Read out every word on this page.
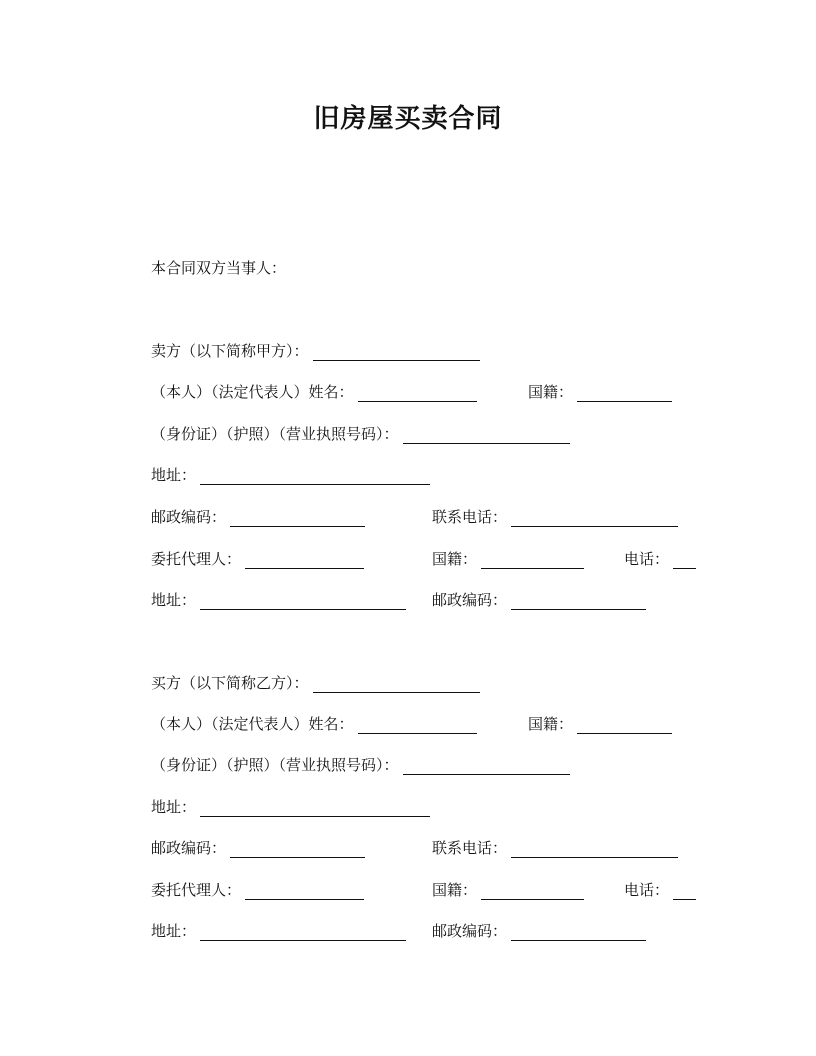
旧房屋买卖合同
本合同双方当事人：
卖方（以下简称甲方）：
（本人）（法定代表人）姓名：	国籍：
（身份证）（护照）（营业执照号码）：
地址：
邮政编码：	联系电话：
委托代理人：	国籍：	电话：
地址：	邮政编码：
买方（以下简称乙方）：
（本人）（法定代表人）姓名：	国籍：
（身份证）（护照）（营业执照号码）：
地址：
邮政编码：	联系电话：
委托代理人：	国籍：	电话：
地址：	邮政编码：
